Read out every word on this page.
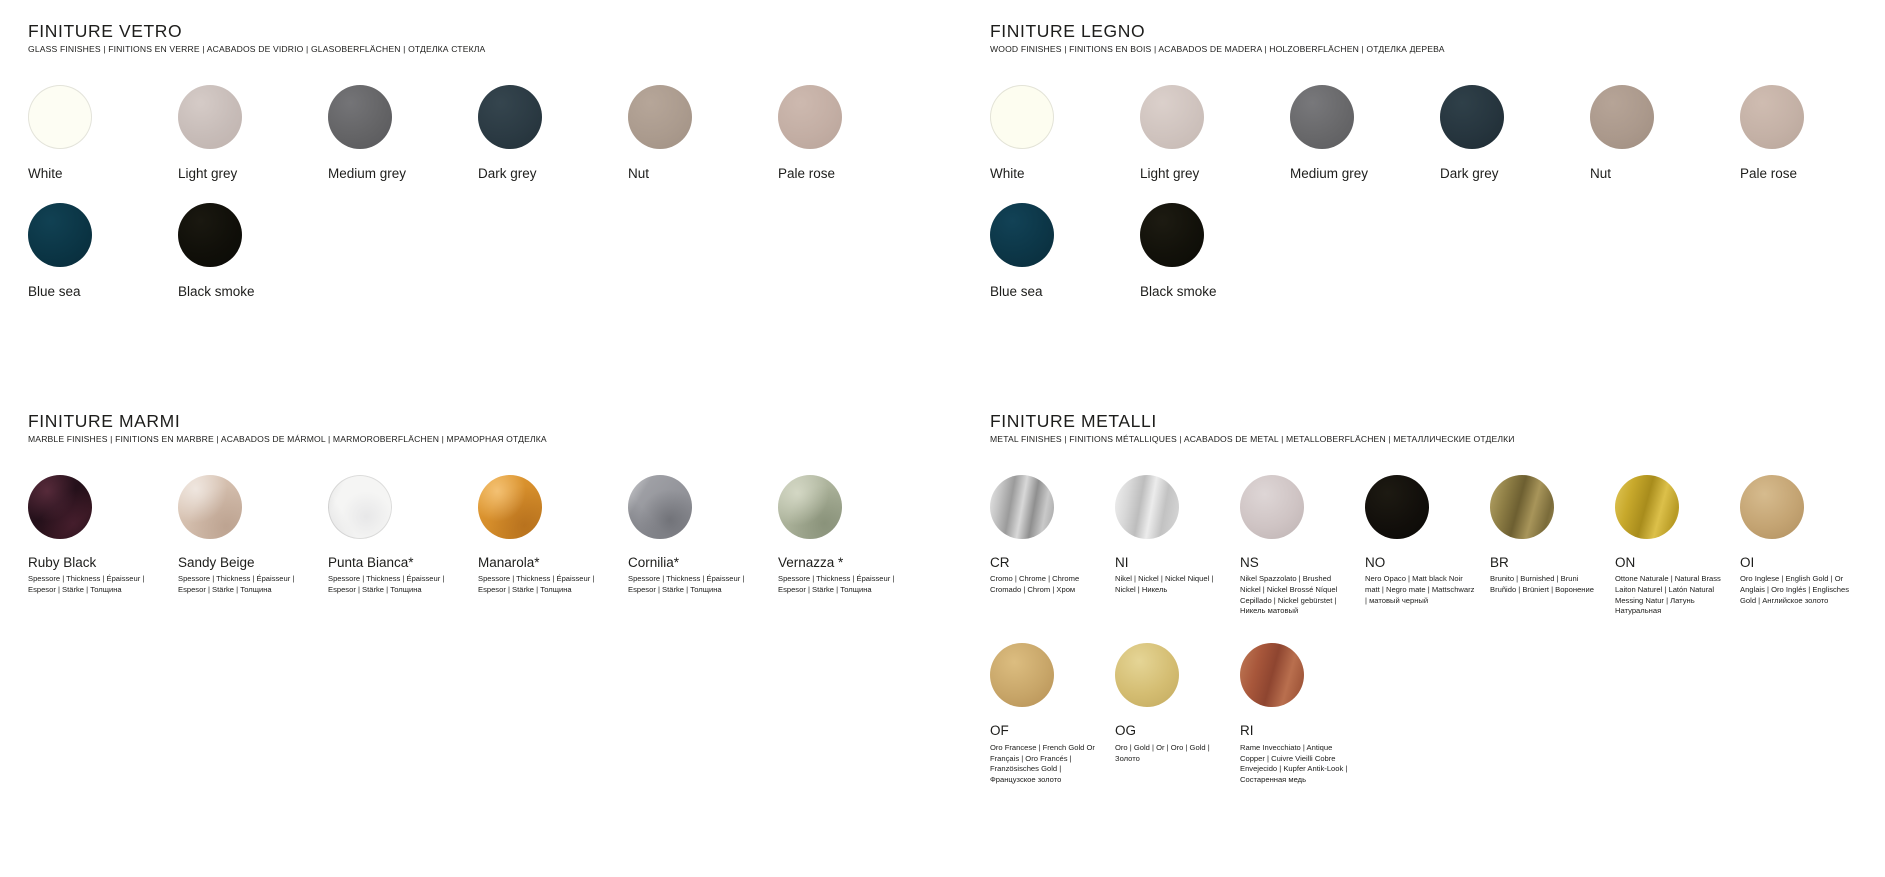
FINITURE VETRO

GLASS FINISHES | FINITIONS EN VERRE | ACABADOS DE VIDRIO | GLASOBERFLÄCHEN | ОТДЕЛКА СТЕКЛА

White	Light grey	Medium grey	Dark grey	Nut	Pale rose
Blue sea	Black smoke
FINITURE LEGNO

WOOD FINISHES | FINITIONS EN BOIS | ACABADOS DE MADERA | HOLZOBERFLÄCHEN | ОТДЕЛКА ДЕРЕВА

White	Light grey	Medium grey	Dark grey	Nut	Pale rose
Blue sea	Black smoke
FINITURE MARMI

MARBLE FINISHES | FINITIONS EN MARBRE | ACABADOS DE MÁRMOL | MARMOROBERFLÄCHEN | МРАМОРНАЯ ОТДЕЛКА

Ruby Black
Spessore | Thickness | Épaisseur | Espesor | Stärke | Толщина
Sandy Beige
Spessore | Thickness | Épaisseur | Espesor | Stärke | Толщина
Punta Bianca*
Spessore | Thickness | Épaisseur | Espesor | Stärke | Толщина
Manarola*
Spessore | Thickness | Épaisseur | Espesor | Stärke | Толщина
Cornilia*
Spessore | Thickness | Épaisseur | Espesor | Stärke | Толщина
Vernazza *
Spessore | Thickness | Épaisseur | Espesor | Stärke | Толщина
FINITURE METALLI

METAL FINISHES | FINITIONS MÉTALLIQUES | ACABADOS DE METAL | METALLOBERFLÄCHEN | МЕТАЛЛИЧЕСКИЕ ОТДЕЛКИ

CR
Cromo | Chrome | Chrome Cromado | Chrom | Хром
NI
Nikel | Nickel | Nickel Niquel | Nickel | Никель
NS
Nikel Spazzolato | Brushed Nickel | Nickel Brossé Níquel Cepillado | Nickel gebürstet | Никель матовый
NO
Nero Opaco | Matt black Noir matt | Negro mate | Mattschwarz | матовый черный
BR
Brunito | Burnished | Bruni Bruñido | Brüniert | Воронение
ON
Ottone Naturale | Natural Brass Laiton Naturel | Latón Natural Messing Natur | Латунь Натуральная
OI
Oro Inglese | English Gold | Or Anglais | Oro Inglés | Englisches Gold | Английское золото
OF
Oro Francese | French Gold Or Français | Oro Francés | Französisches Gold | Французское золото
OG
Oro | Gold | Or | Oro | Gold | Золото
RI
Rame Invecchiato | Antique Copper | Cuivre Vieilli Cobre Envejecido | Kupfer Antik-Look | Состаренная медь
